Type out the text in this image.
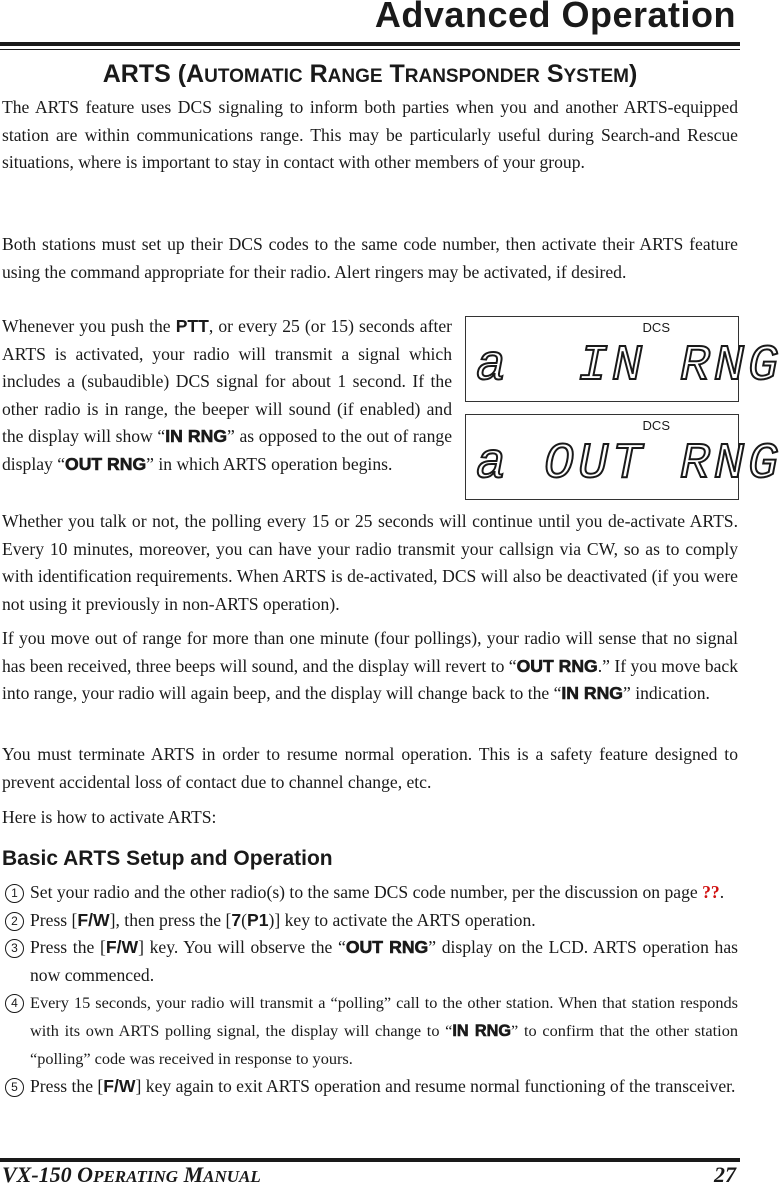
Advanced Operation
ARTS (AUTOMATIC RANGE TRANSPONDER SYSTEM)

The ARTS feature uses DCS signaling to inform both parties when you and another ARTS-equipped station are within communications range. This may be particularly useful during Search-and Rescue situations, where is important to stay in contact with other members of your group.

Both stations must set up their DCS codes to the same code number, then activate their ARTS feature using the command appropriate for their radio. Alert ringers may be activated, if desired.

Whenever you push the PTT, or every 25 (or 15) seconds after ARTS is activated, your radio will transmit a signal which includes a (subaudible) DCS signal for about 1 second. If the other radio is in range, the beeper will sound (if enabled) and the display will show “IN RNG” as opposed to the out of range display “OUT RNG” in which ARTS operation begins.

DCS
a  IN RNG
DCS
a OUT RNG

Whether you talk or not, the polling every 15 or 25 seconds will continue until you de-activate ARTS. Every 10 minutes, moreover, you can have your radio transmit your callsign via CW, so as to comply with identification requirements. When ARTS is de-activated, DCS will also be deactivated (if you were not using it previously in non-ARTS operation).

If you move out of range for more than one minute (four pollings), your radio will sense that no signal has been received, three beeps will sound, and the display will revert to “OUT RNG.” If you move back into range, your radio will again beep, and the display will change back to the “IN RNG” indication.

You must terminate ARTS in order to resume normal operation. This is a safety feature designed to prevent accidental loss of contact due to channel change, etc.

Here is how to activate ARTS:

Basic ARTS Setup and Operation
1 Set your radio and the other radio(s) to the same DCS code number, per the discussion on page ??.
2 Press [F/W], then press the [7(P1)] key to activate the ARTS operation.
3 Press the [F/W] key. You will observe the “OUT RNG” display on the LCD. ARTS operation has now commenced.
4 Every 15 seconds, your radio will transmit a “polling” call to the other station. When that station responds with its own ARTS polling signal, the display will change to “IN RNG” to confirm that the other station “polling” code was received in response to yours.
5 Press the [F/W] key again to exit ARTS operation and resume normal functioning of the transceiver.
VX-150 OPERATING MANUAL	27
